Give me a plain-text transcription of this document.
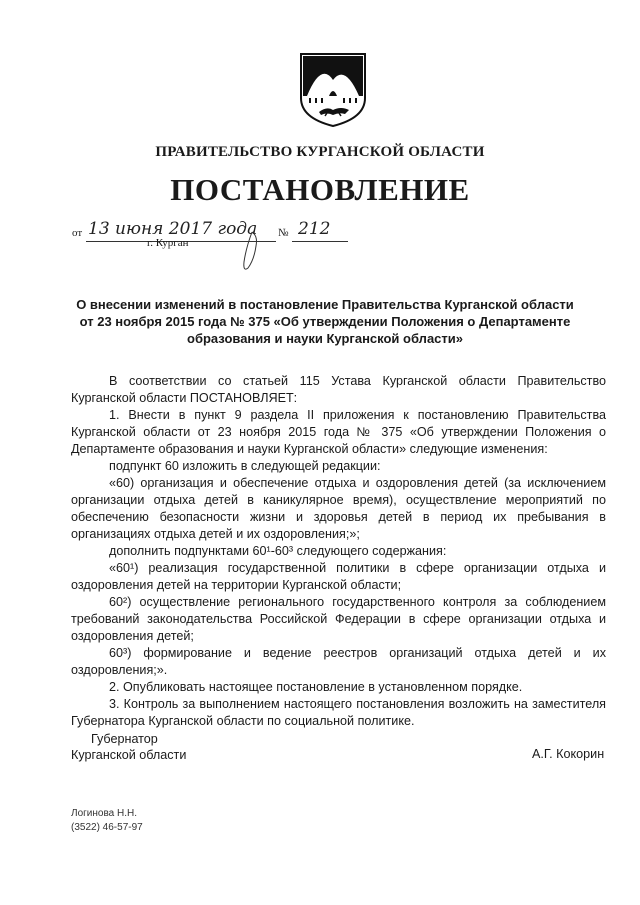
ПРАВИТЕЛЬСТВО КУРГАНСКОЙ ОБЛАСТИ
ПОСТАНОВЛЕНИЕ
от 13 июня 2017 года № 212
г. Курган
О внесении изменений в постановление Правительства Курганской области
от 23 ноября 2015 года № 375 «Об утверждении Положения о Департаменте
образования и науки Курганской области»

В соответствии со статьей 115 Устава Курганской области Правительство Курганской области ПОСТАНОВЛЯЕТ:

1. Внести в пункт 9 раздела II приложения к постановлению Правительства Курганской области от 23 ноября 2015 года № 375 «Об утверждении Положения о Департаменте образования и науки Курганской области» следующие изменения:

подпункт 60 изложить в следующей редакции:

«60) организация и обеспечение отдыха и оздоровления детей (за исключением организации отдыха детей в каникулярное время), осуществление мероприятий по обеспечению безопасности жизни и здоровья детей в период их пребывания в организациях отдыха детей и их оздоровления;»;

дополнить подпунктами 60¹-60³ следующего содержания:

«60¹) реализация государственной политики в сфере организации отдыха и оздоровления детей на территории Курганской области;

60²) осуществление регионального государственного контроля за соблюдением требований законодательства Российской Федерации в сфере организации отдыха и оздоровления детей;

60³) формирование и ведение реестров организаций отдыха детей и их оздоровления;».

2. Опубликовать настоящее постановление в установленном порядке.

3. Контроль за выполнением настоящего постановления возложить на заместителя Губернатора Курганской области по социальной политике.

Губернатор
Курганской области	А.Г. Кокорин
Логинова Н.Н.
(3522) 46-57-97
